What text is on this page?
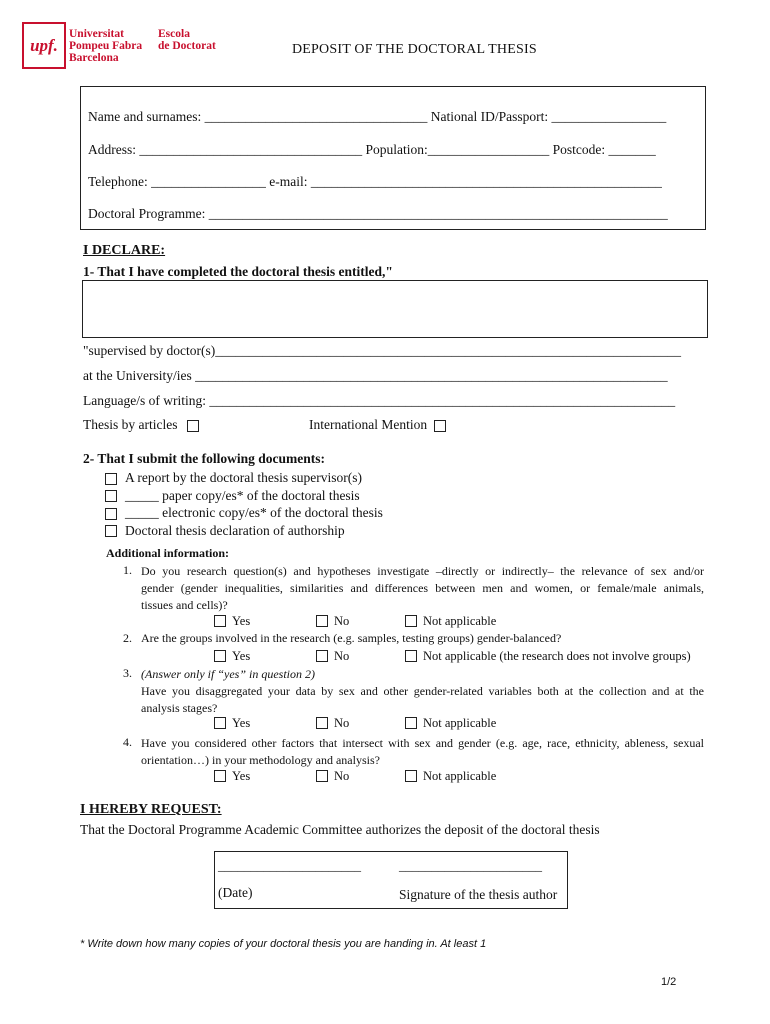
upf.
Universitat
Pompeu Fabra
Barcelona
Escola
de Doctorat	DEPOSIT OF THE DOCTORAL THESIS
Name and surnames: _________________________________ National ID/Passport: _________________
Address: _________________________________ Population:__________________ Postcode: _______
Telephone: _________________ e-mail: ____________________________________________________
Doctoral Programme: ____________________________________________________________________
I DECLARE:
1- That I have completed the doctoral thesis entitled,"
"supervised by doctor(s)_____________________________________________________________________
at the University/ies ______________________________________________________________________
Language/s of writing: _____________________________________________________________________
Thesis by articles	International Mention
2- That I submit the following documents:
A report by the doctoral thesis supervisor(s)
_____ paper copy/es* of the doctoral thesis
_____ electronic copy/es* of the doctoral thesis
Doctoral thesis declaration of authorship
Additional information:
1. Do you research question(s) and hypotheses investigate –directly or indirectly– the relevance of sex and/or
gender (gender inequalities, similarities and differences between men and women, or female/male animals,
tissues and cells)?
Yes	No	Not applicable
2. Are the groups involved in the research (e.g. samples, testing groups) gender-balanced?
Yes	No	Not applicable (the research does not involve groups)
3. (Answer only if “yes” in question 2)
Have you disaggregated your data by sex and other gender-related variables both at the collection and at the
analysis stages?
Yes	No	Not applicable
4. Have you considered other factors that intersect with sex and gender (e.g. age, race, ethnicity, ableness, sexual
orientation…) in your methodology and analysis?
Yes	No	Not applicable
I HEREBY REQUEST:
That the Doctoral Programme Academic Committee authorizes the deposit of the doctoral thesis
______________________	______________________
(Date)	Signature of the thesis author
* Write down how many copies of your doctoral thesis you are handing in. At least 1
1/2
